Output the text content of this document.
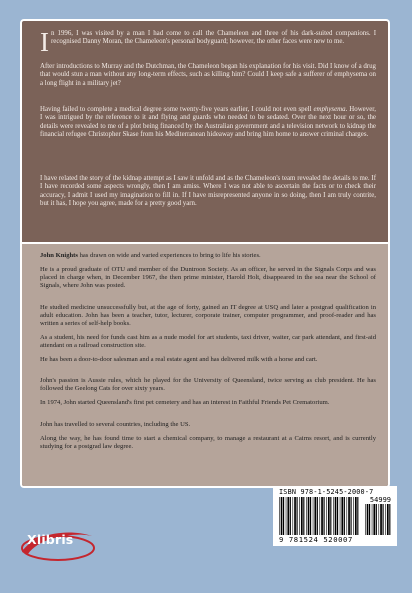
In 1996, I was visited by a man I had come to call the Chameleon and three of his dark-suited companions. I recognised Danny Moran, the Chameleon's personal bodyguard; however, the other faces were new to me.

After introductions to Murray and the Dutchman, the Chameleon began his explanation for his visit. Did I know of a drug that would stun a man without any long-term effects, such as killing him? Could I keep safe a sufferer of emphysema on a long flight in a military jet?

Having failed to complete a medical degree some twenty-five years earlier, I could not even spell emphysema. However, I was intrigued by the reference to it and flying and guards who needed to be sedated. Over the next hour or so, the details were revealed to me of a plot being financed by the Australian government and a television network to kidnap the financial refugee Christopher Skase from his Mediterranean hideaway and bring him home to answer criminal charges.

I have related the story of the kidnap attempt as I saw it unfold and as the Chameleon's team revealed the details to me. If I have recorded some aspects wrongly, then I am amiss. Where I was not able to ascertain the facts or to check their accuracy, I admit I used my imagination to fill in. If I have misrepresented anyone in so doing, then I am truly contrite, but it has, I hope you agree, made for a pretty good yarn.

John Knights has drawn on wide and varied experiences to bring to life his stories.

He is a proud graduate of OTU and member of the Duntroon Society. As an officer, he served in the Signals Corps and was placed in charge when, in December 1967, the then prime minister, Harold Holt, disappeared in the sea near the School of Signals, where John was posted.

He studied medicine unsuccessfully but, at the age of forty, gained an IT degree at USQ and later a postgrad qualification in adult education. John has been a teacher, tutor, lecturer, corporate trainer, computer programmer, and proof-reader and has written a series of self-help books.

As a student, his need for funds cast him as a nude model for art students, taxi driver, waiter, car park attendant, and first-aid attendant on a railroad construction site.

He has been a door-to-door salesman and a real estate agent and has delivered milk with a horse and cart.

John's passion is Aussie rules, which he played for the University of Queensland, twice serving as club president. He has followed the Geelong Cats for over sixty years.

In 1974, John started Queensland's first pet cemetery and has an interest in Faithful Friends Pet Crematorium.

John has travelled to several countries, including the US.

Along the way, he has found time to start a chemical company, to manage a restaurant at a Cairns resort, and is currently studying for a postgrad law degree.

ISBN 978-1-5245-2000-7
54999
9 781524 520007
Xlibris
